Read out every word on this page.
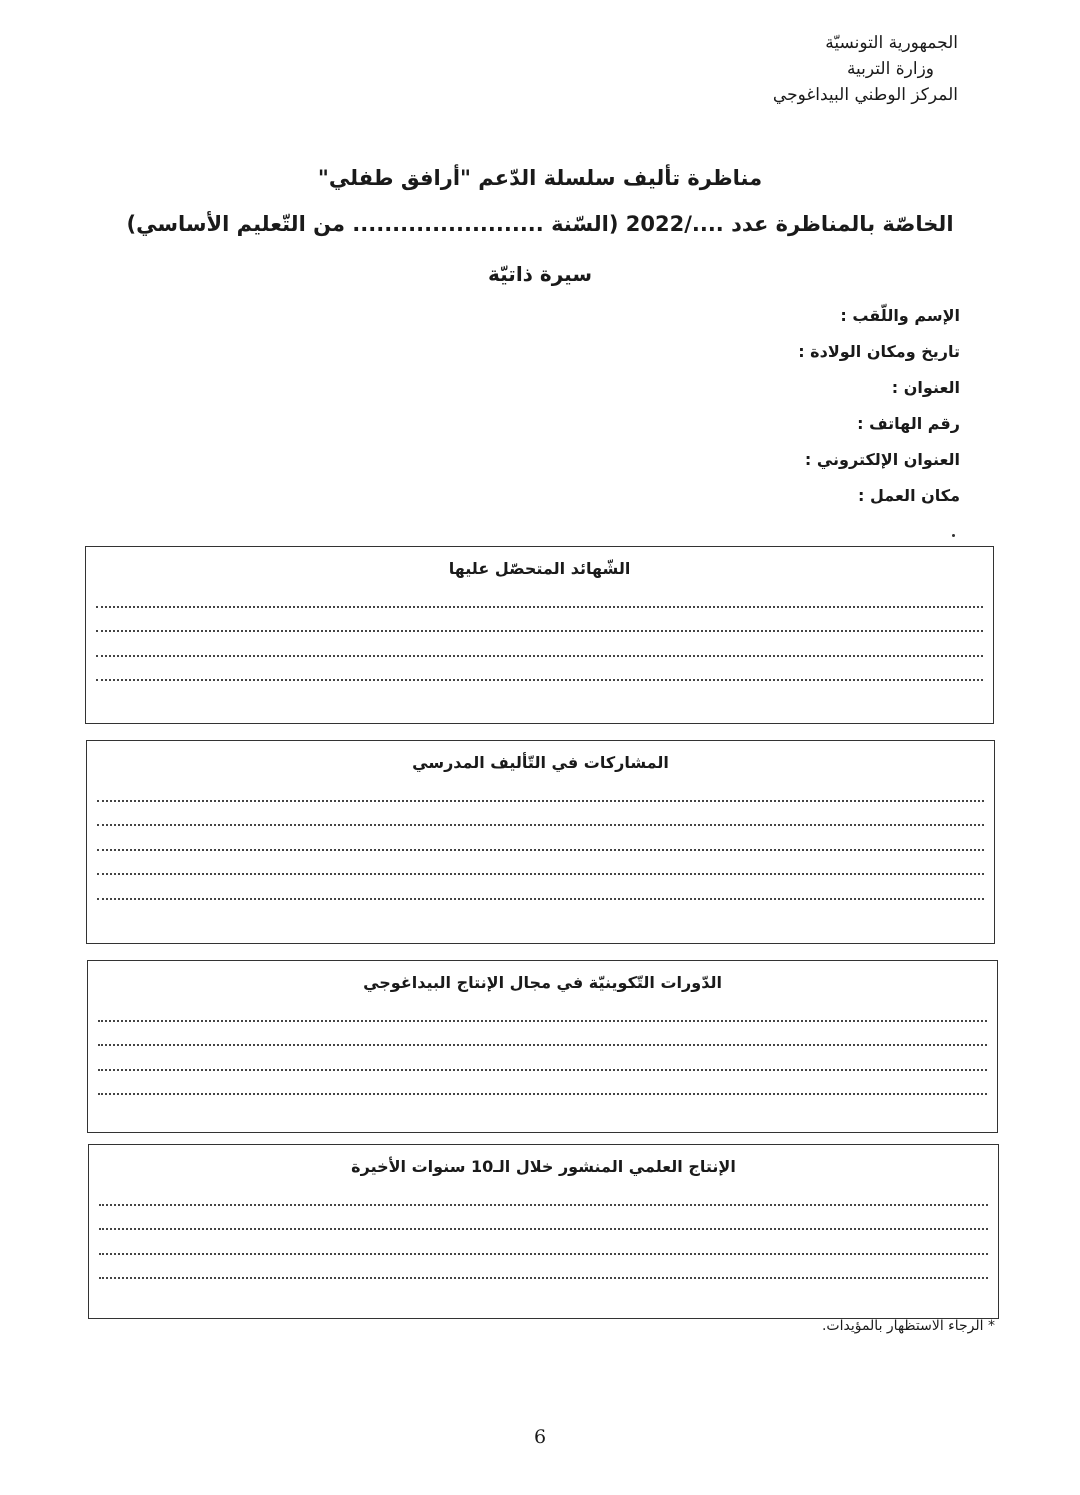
الجمهورية التونسيّة
وزارة التربية
المركز الوطني البيداغوجي
مناظرة تأليف سلسلة الدّعم "أرافق طفلي"
الخاصّة بالمناظرة عدد ..../2022 (السّنة ........................ من التّعليم الأساسي)
سيرة ذاتيّة
الإسم واللّقب :
تاريخ ومكان الولادة :
العنوان :
رقم الهاتف :
العنوان الإلكتروني :
مكان العمل :
الشّهائد المتحصّل عليها
المشاركات في التّأليف المدرسي
الدّورات التّكوينيّة في مجال الإنتاج البيداغوجي
الإنتاج العلمي المنشور خلال الـ10 سنوات الأخيرة
* الرجاء الاستظهار بالمؤيدات.
6
